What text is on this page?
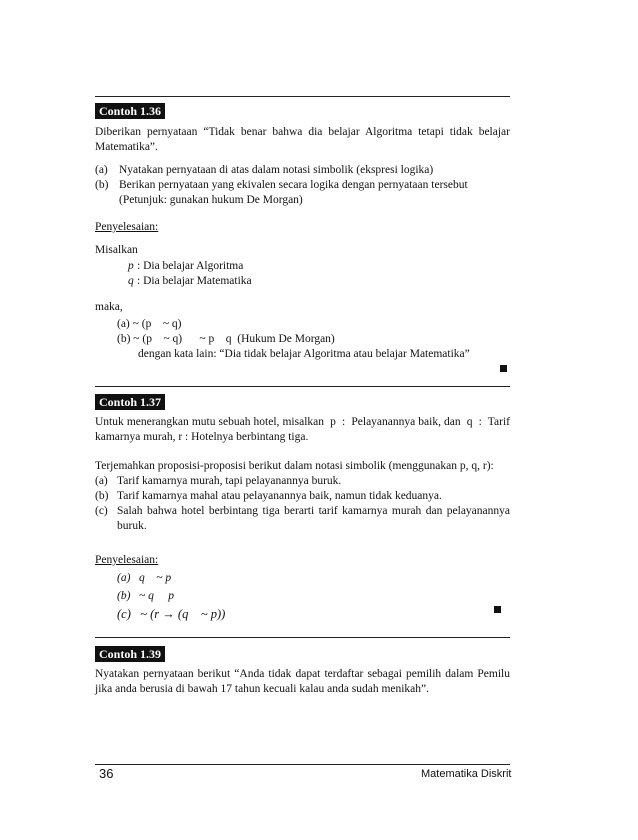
Contoh 1.36
Diberikan pernyataan “Tidak benar bahwa dia belajar Algoritma tetapi tidak belajar
Matematika”.
(a) Nyatakan pernyataan di atas dalam notasi simbolik (ekspresi logika)
(b) Berikan pernyataan yang ekivalen secara logika dengan pernyataan tersebut
(Petunjuk: gunakan hukum De Morgan)
Penyelesaian:
Misalkan
p : Dia belajar Algoritma
q : Dia belajar Matematika
maka,
(a) ~ (p    ~ q)
(b) ~ (p    ~ q)      ~ p    q  (Hukum De Morgan)
dengan kata lain: “Dia tidak belajar Algoritma atau belajar Matematika”
Contoh 1.37
Untuk menerangkan mutu sebuah hotel, misalkan  p  :  Pelayanannya baik, dan  q  :  Tarif
kamarnya murah, r : Hotelnya berbintang tiga.
Terjemahkan proposisi-proposisi berikut dalam notasi simbolik (menggunakan p, q, r):
(a) Tarif kamarnya murah, tapi pelayanannya buruk.
(b) Tarif kamarnya mahal atau pelayanannya baik, namun tidak keduanya.
(c) Salah bahwa hotel berbintang tiga berarti tarif kamarnya murah dan pelayanannya
buruk.
Penyelesaian:
(a)   q    ~ p
(b)   ~ q     p
(c)   ~ (r → (q    ~ p))
Contoh 1.39
Nyatakan pernyataan berikut “Anda tidak dapat terdaftar sebagai pemilih dalam Pemilu
jika anda berusia di bawah 17 tahun kecuali kalau anda sudah menikah”.
36	Matematika Diskrit
